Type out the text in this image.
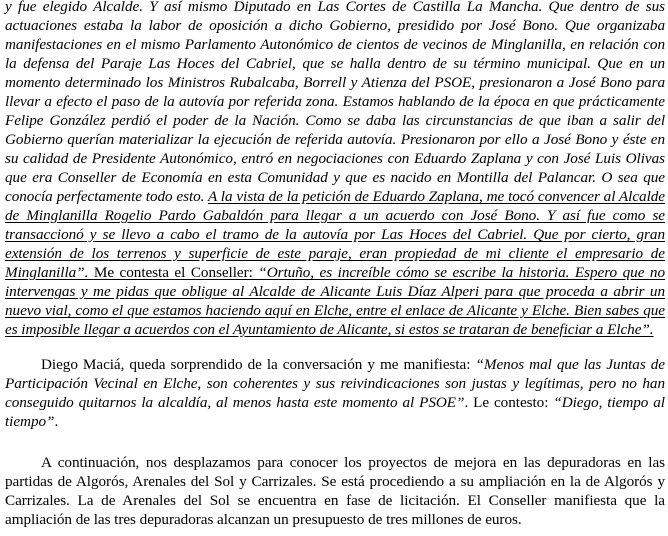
y fue elegido Alcalde. Y así mismo Diputado en Las Cortes de Castilla La Mancha. Que dentro de sus actuaciones estaba la labor de oposición a dicho Gobierno, presidido por José Bono. Que organizaba manifestaciones en el mismo Parlamento Autonómico de cientos de vecinos de Minglanilla, en relación con la defensa del Paraje Las Hoces del Cabriel, que se halla dentro de su término municipal. Que en un momento determinado los Ministros Rubalcaba, Borrell y Atienza del PSOE, presionaron a José Bono para llevar a efecto el paso de la autovía por referida zona. Estamos hablando de la época en que prácticamente Felipe González perdió el poder de la Nación. Como se daba las circunstancias de que iban a salir del Gobierno querían materializar la ejecución de referida autovía. Presionaron por ello a José Bono y éste en su calidad de Presidente Autonómico, entró en negociaciones con Eduardo Zaplana y con José Luis Olivas que era Conseller de Economía en esta Comunidad y que es nacido en Montilla del Palancar. O sea que conocía perfectamente todo esto. A la vista de la petición de Eduardo Zaplana, me tocó convencer al Alcalde de Minglanilla Rogelio Pardo Gabaldón para llegar a un acuerdo con José Bono. Y así fue como se transaccionó y se llevo a cabo el tramo de la autovía por Las Hoces del Cabriel. Que por cierto, gran extensión de los terrenos y superficie de este paraje, eran propiedad de mi cliente el empresario de Minglanilla”. Me contesta el Conseller: “Ortuño, es increíble cómo se escribe la historia. Espero que no intervengas y me pidas que obligue al Alcalde de Alicante Luis Díaz Alperi para que proceda a abrir un nuevo vial, como el que estamos haciendo aquí en Elche, entre el enlace de Alicante y Elche. Bien sabes que es imposible llegar a acuerdos con el Ayuntamiento de Alicante, si estos se trataran de beneficiar a Elche”.

Diego Maciá, queda sorprendido de la conversación y me manifiesta: “Menos mal que las Juntas de Participación Vecinal en Elche, son coherentes y sus reivindicaciones son justas y legítimas, pero no han conseguido quitarnos la alcaldía, al menos hasta este momento al PSOE”. Le contesto: “Diego, tiempo al tiempo”.

A continuación, nos desplazamos para conocer los proyectos de mejora en las depuradoras en las partidas de Algorós, Arenales del Sol y Carrizales. Se está procediendo a su ampliación en la de Algorós y Carrizales. La de Arenales del Sol se encuentra en fase de licitación. El Conseller manifiesta que la ampliación de las tres depuradoras alcanzan un presupuesto de tres millones de euros.
